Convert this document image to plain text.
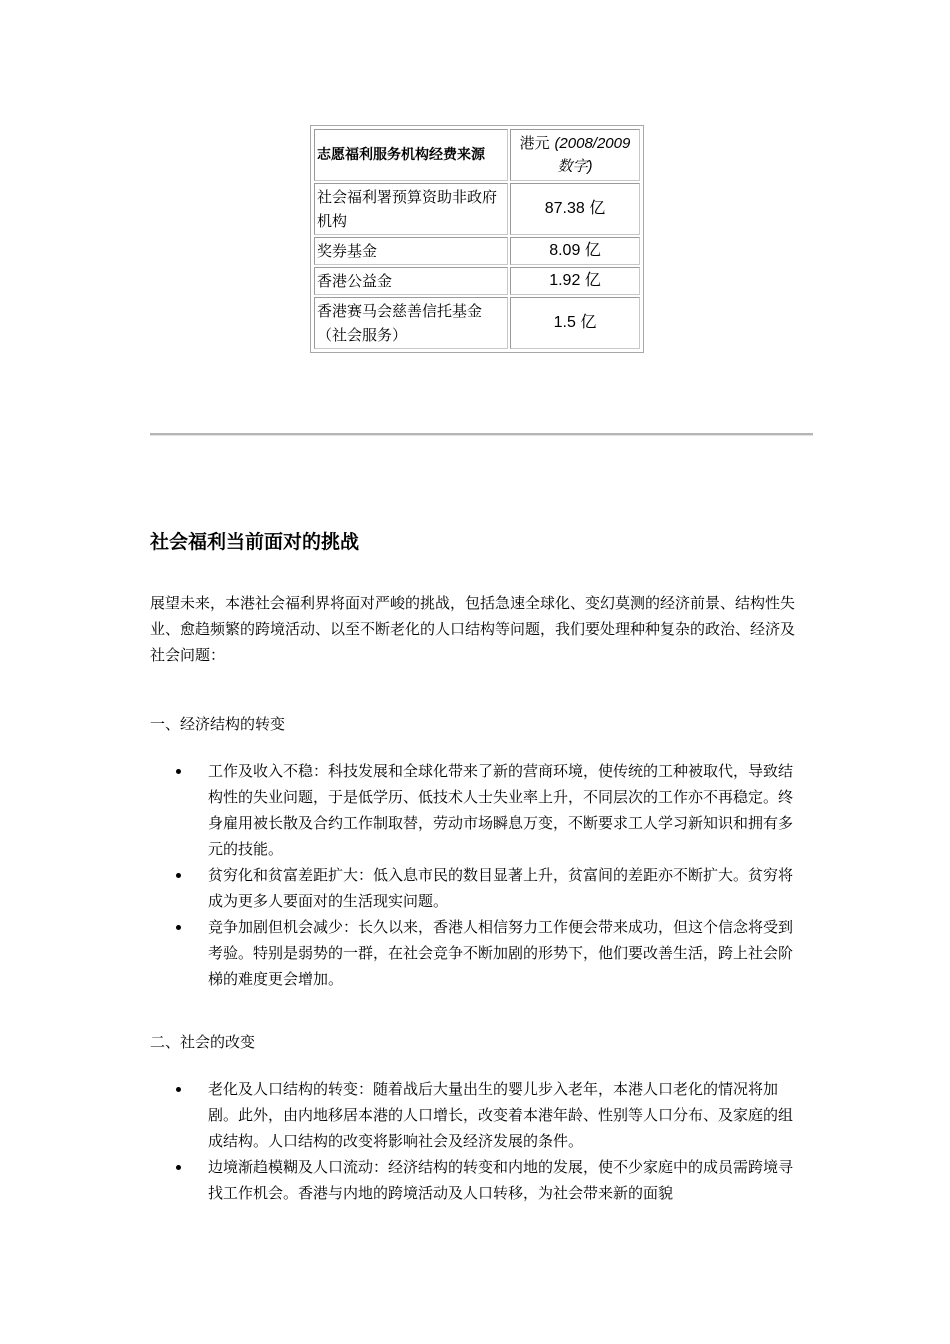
志愿福利服务机构经费来源	港元 (2008/2009 数字)
社会福利署预算资助非政府机构	87.38 亿
奖券基金	8.09 亿
香港公益金	1.92 亿
香港赛马会慈善信托基金（社会服务）	1.5 亿
社会福利当前面对的挑战

展望未来，本港社会福利界将面对严峻的挑战，包括急速全球化、变幻莫测的经济前景、结构性失业、愈趋频繁的跨境活动、以至不断老化的人口结构等问题，我们要处理种种复杂的政治、经济及社会问题：

一、经济结构的转变

工作及收入不稳：科技发展和全球化带来了新的营商环境，使传统的工种被取代，导致结构性的失业问题，于是低学历、低技术人士失业率上升，不同层次的工作亦不再稳定。终身雇用被长散及合约工作制取替，劳动市场瞬息万变，不断要求工人学习新知识和拥有多元的技能。
贫穷化和贫富差距扩大：低入息市民的数目显著上升，贫富间的差距亦不断扩大。贫穷将成为更多人要面对的生活现实问题。
竞争加剧但机会减少：长久以来，香港人相信努力工作便会带来成功，但这个信念将受到考验。特别是弱势的一群，在社会竞争不断加剧的形势下，他们要改善生活，跨上社会阶梯的难度更会增加。

二、社会的改变

老化及人口结构的转变：随着战后大量出生的婴儿步入老年，本港人口老化的情况将加剧。此外，由内地移居本港的人口增长，改变着本港年龄、性别等人口分布、及家庭的组成结构。人口结构的改变将影响社会及经济发展的条件。
边境渐趋模糊及人口流动：经济结构的转变和内地的发展，使不少家庭中的成员需跨境寻找工作机会。香港与内地的跨境活动及人口转移，为社会带来新的面貌
